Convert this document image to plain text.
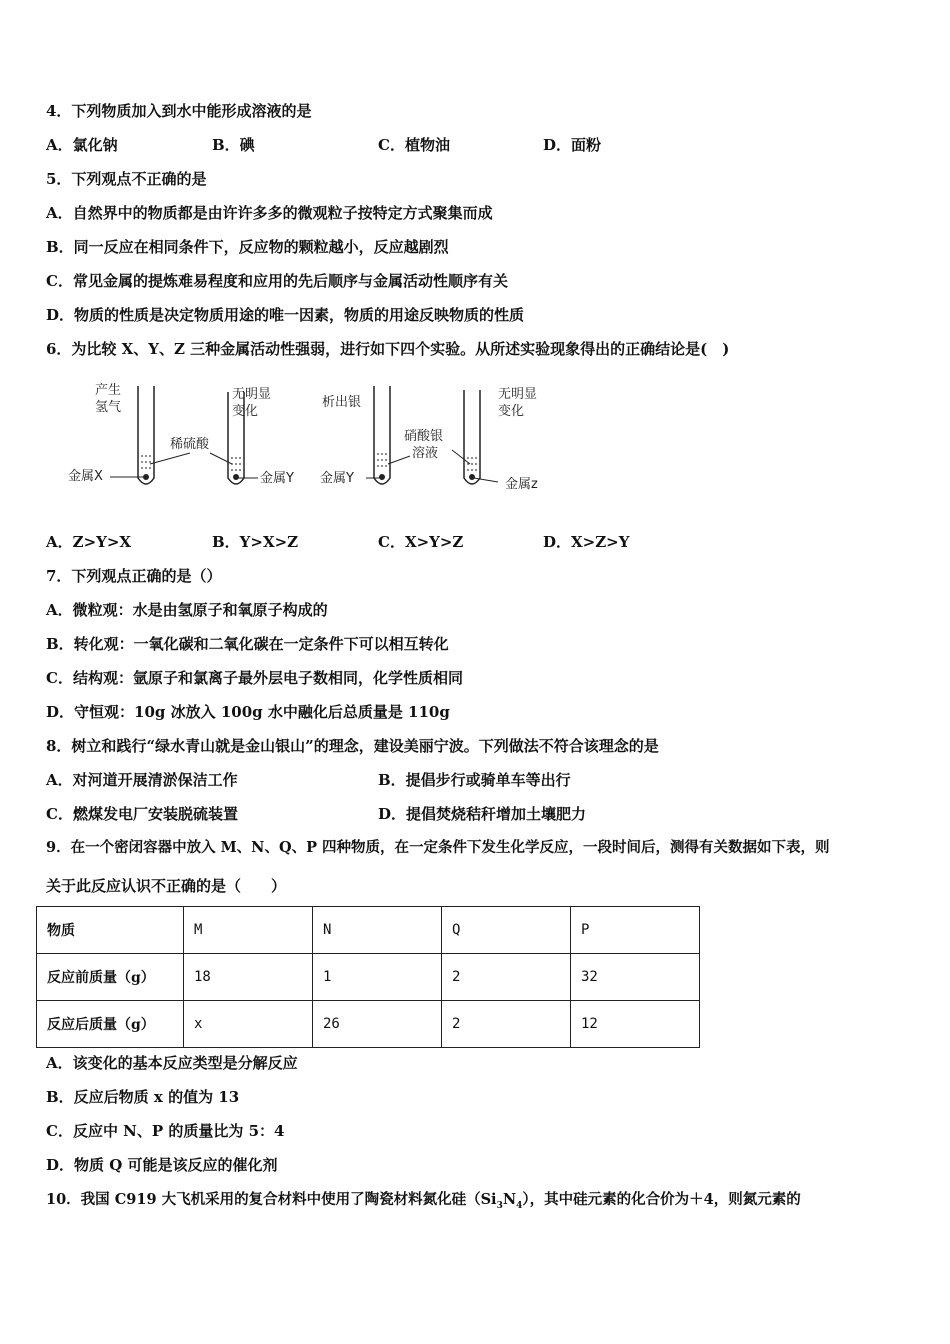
4．下列物质加入到水中能形成溶液的是
A．氯化钠	B．碘	C．植物油	D．面粉
5．下列观点不正确的是
A．自然界中的物质都是由许许多多的微观粒子按特定方式聚集而成
B．同一反应在相同条件下，反应物的颗粒越小，反应越剧烈
C．常见金属的提炼难易程度和应用的先后顺序与金属活动性顺序有关
D．物质的性质是决定物质用途的唯一因素，物质的用途反映物质的性质
6．为比较 X、Y、Z 三种金属活动性强弱，进行如下四个实验。从所述实验现象得出的正确结论是(　)
产生
氢气
金属X
稀硫酸
无明显
变化
金属Y
析出银
金属Y
硝酸银
溶液
无明显
变化
金属z
A．Z>Y>X	B．Y>X>Z	C．X>Y>Z	D．X>Z>Y
7．下列观点正确的是（）
A．微粒观：水是由氢原子和氧原子构成的
B．转化观：一氧化碳和二氧化碳在一定条件下可以相互转化
C．结构观：氩原子和氯离子最外层电子数相同，化学性质相同
D．守恒观：10g 冰放入 100g 水中融化后总质量是 110g
8．树立和践行“绿水青山就是金山银山”的理念，建设美丽宁波。下列做法不符合该理念的是
A．对河道开展清淤保洁工作	B．提倡步行或骑单车等出行
C．燃煤发电厂安装脱硫装置	D．提倡焚烧秸秆增加土壤肥力
9．在一个密闭容器中放入 M、N、Q、P 四种物质，在一定条件下发生化学反应，一段时间后，测得有关数据如下表，则
关于此反应认识不正确的是（　　）
物质	M	N	Q	P
反应前质量（g）	18	1	2	32
反应后质量（g）	x	26	2	12
A．该变化的基本反应类型是分解反应
B．反应后物质 x 的值为 13
C．反应中 N、P 的质量比为 5：4
D．物质 Q 可能是该反应的催化剂
10．我国 C919 大飞机采用的复合材料中使用了陶瓷材料氮化硅$(Si_3N_4)$，其中硅元素的化合价为＋4，则氮元素的
